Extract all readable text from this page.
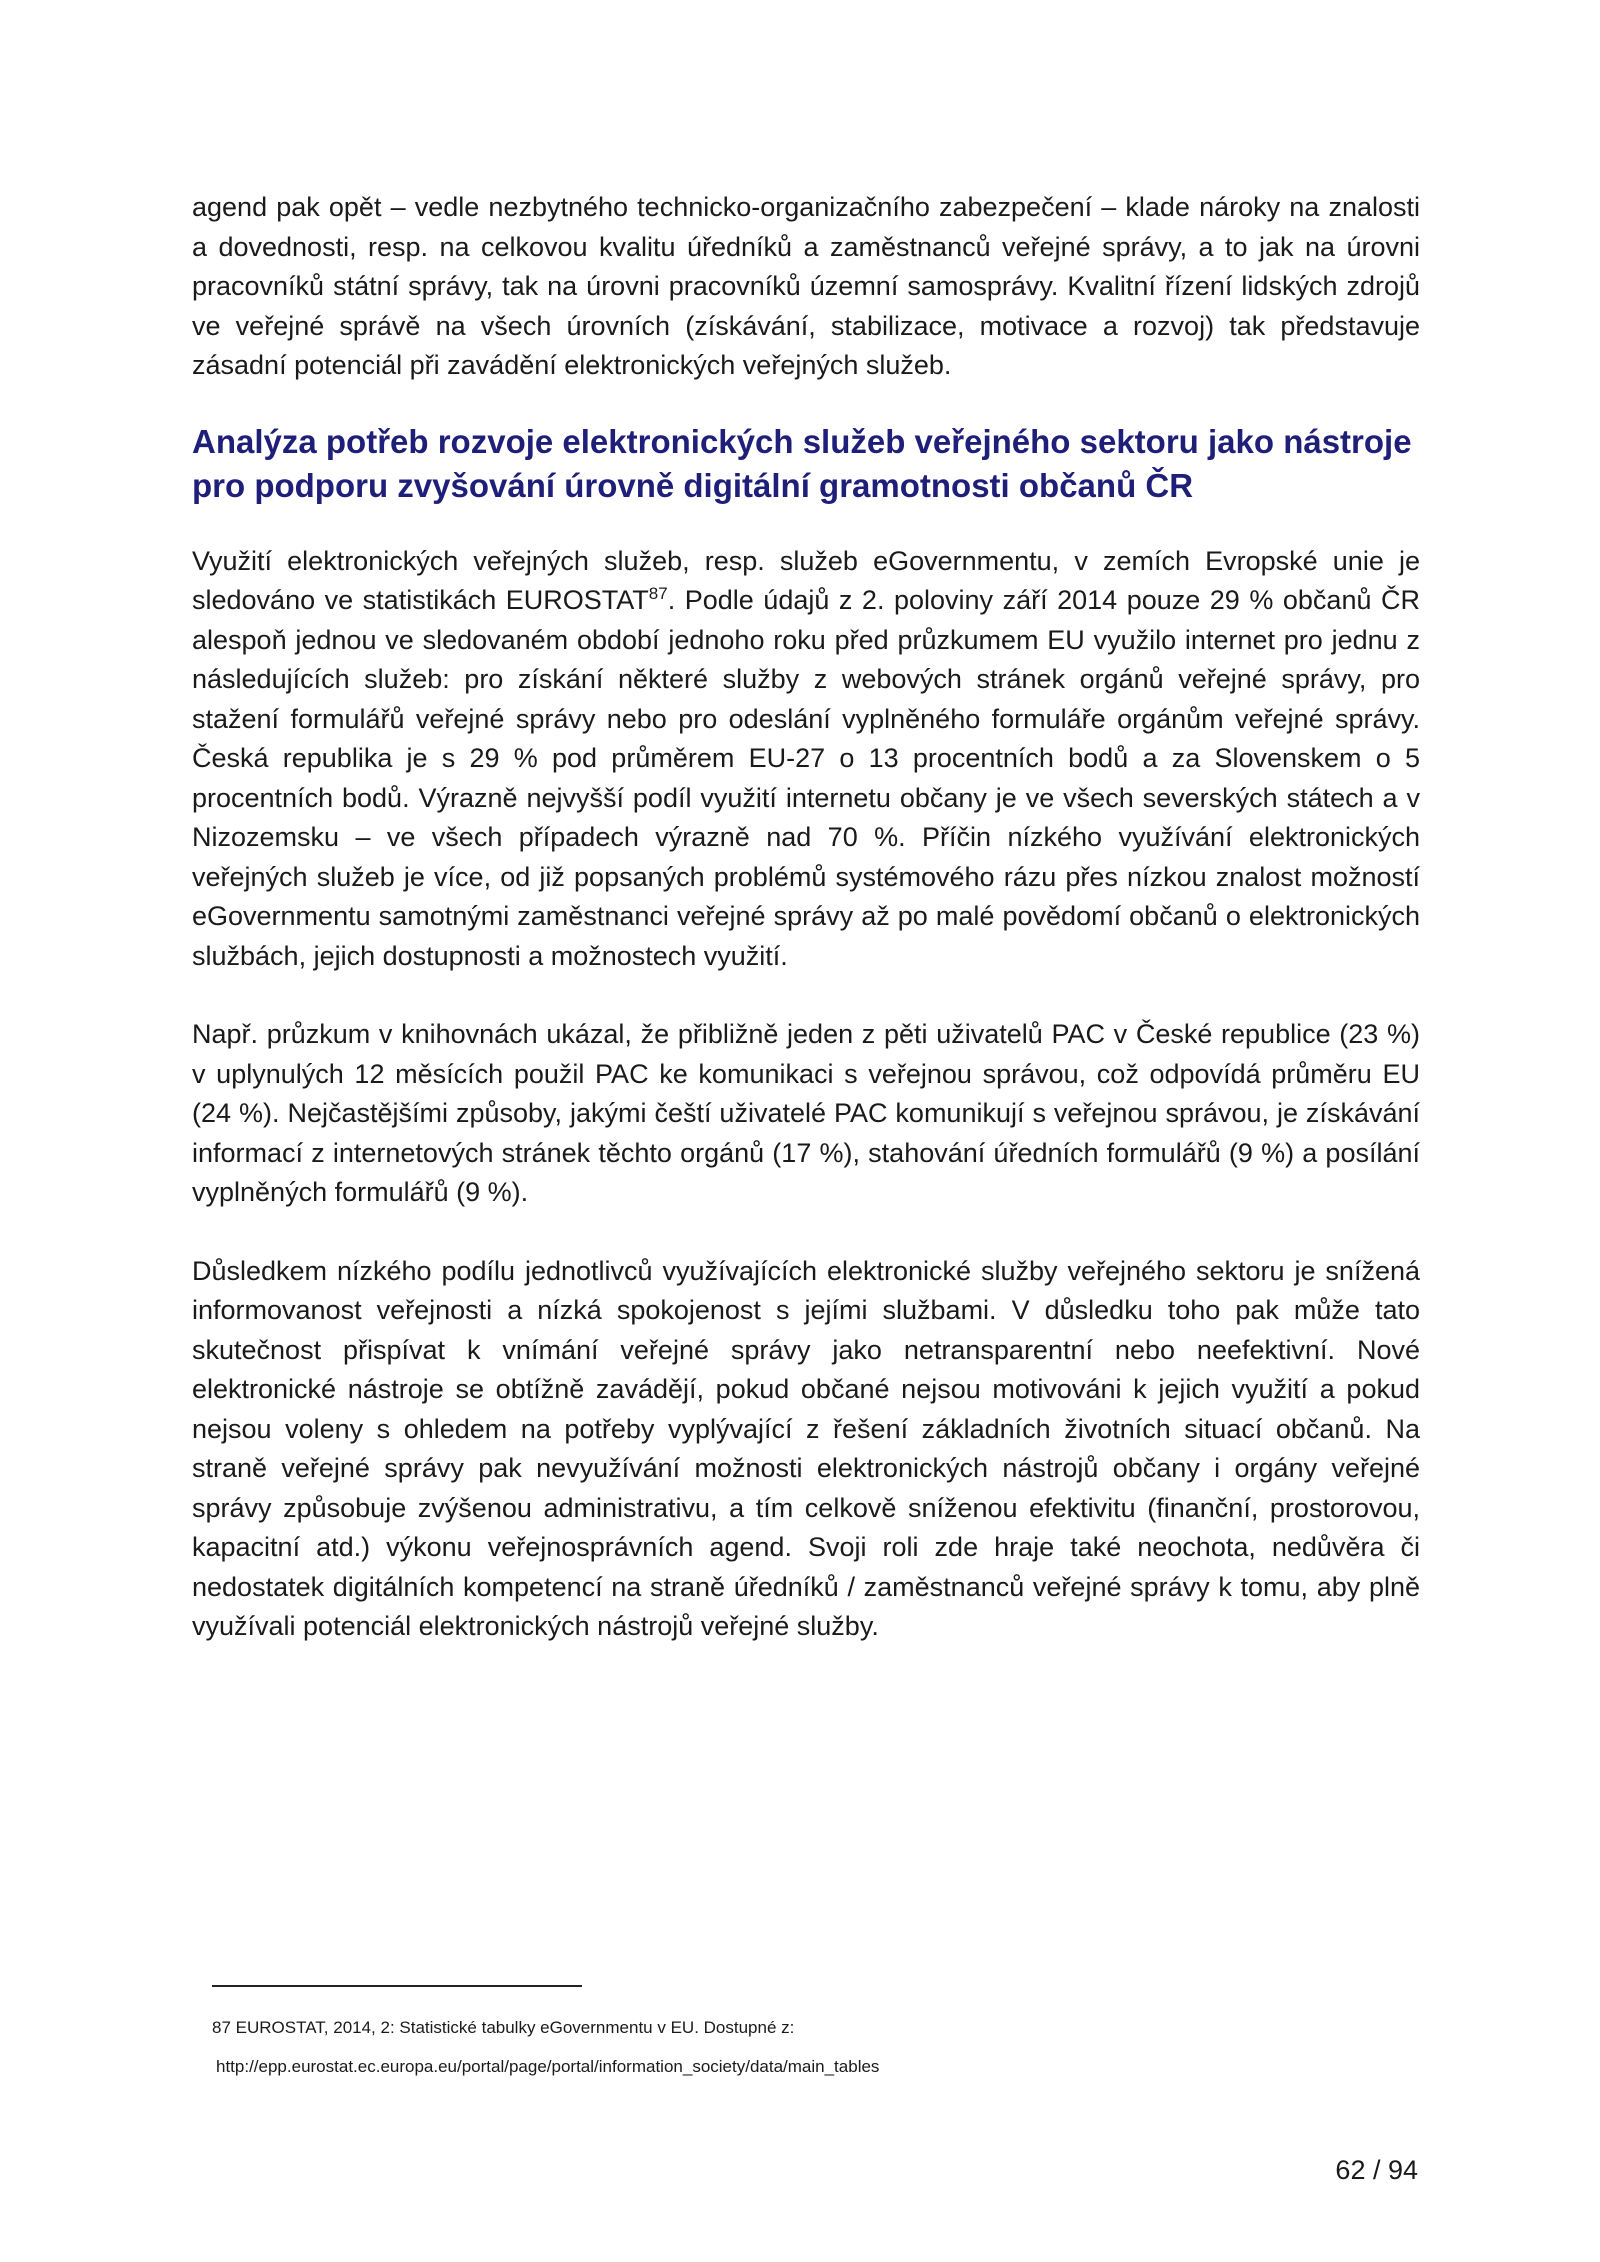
agend pak opět – vedle nezbytného technicko-organizačního zabezpečení – klade nároky na znalosti a dovednosti, resp. na celkovou kvalitu úředníků a zaměstnanců veřejné správy, a to jak na úrovni pracovníků státní správy, tak na úrovni pracovníků územní samosprávy. Kvalitní řízení lidských zdrojů ve veřejné správě na všech úrovních (získávání, stabilizace, motivace a rozvoj) tak představuje zásadní potenciál při zavádění elektronických veřejných služeb.

Analýza potřeb rozvoje elektronických služeb veřejného sektoru jako nástroje pro podporu zvyšování úrovně digitální gramotnosti občanů ČR

Využití elektronických veřejných služeb, resp. služeb eGovernmentu, v zemích Evropské unie je sledováno ve statistikách EUROSTAT$^{87}$. Podle údajů z 2. poloviny září 2014 pouze 29 % občanů ČR alespoň jednou ve sledovaném období jednoho roku před průzkumem EU využilo internet pro jednu z následujících služeb: pro získání některé služby z webových stránek orgánů veřejné správy, pro stažení formulářů veřejné správy nebo pro odeslání vyplněného formuláře orgánům veřejné správy. Česká republika je s 29 % pod průměrem EU-27 o 13 procentních bodů a za Slovenskem o 5 procentních bodů. Výrazně nejvyšší podíl využití internetu občany je ve všech severských státech a v Nizozemsku – ve všech případech výrazně nad 70 %. Příčin nízkého využívání elektronických veřejných služeb je více, od již popsaných problémů systémového rázu přes nízkou znalost možností eGovernmentu samotnými zaměstnanci veřejné správy až po malé povědomí občanů o elektronických službách, jejich dostupnosti a možnostech využití.

Např. průzkum v knihovnách ukázal, že přibližně jeden z pěti uživatelů PAC v České republice (23 %) v uplynulých 12 měsících použil PAC ke komunikaci s veřejnou správou, což odpovídá průměru EU (24 %). Nejčastějšími způsoby, jakými čeští uživatelé PAC komunikují s veřejnou správou, je získávání informací z internetových stránek těchto orgánů (17 %), stahování úředních formulářů (9 %) a posílání vyplněných formulářů (9 %).

Důsledkem nízkého podílu jednotlivců využívajících elektronické služby veřejného sektoru je snížená informovanost veřejnosti a nízká spokojenost s jejími službami. V důsledku toho pak může tato skutečnost přispívat k vnímání veřejné správy jako netransparentní nebo neefektivní. Nové elektronické nástroje se obtížně zavádějí, pokud občané nejsou motivováni k jejich využití a pokud nejsou voleny s ohledem na potřeby vyplývající z řešení základních životních situací občanů. Na straně veřejné správy pak nevyužívání možnosti elektronických nástrojů občany i orgány veřejné správy způsobuje zvýšenou administrativu, a tím celkově sníženou efektivitu (finanční, prostorovou, kapacitní atd.) výkonu veřejnosprávních agend. Svoji roli zde hraje také neochota, nedůvěra či nedostatek digitálních kompetencí na straně úředníků / zaměstnanců veřejné správy k tomu, aby plně využívali potenciál elektronických nástrojů veřejné služby.

87 EUROSTAT, 2014, 2: Statistické tabulky eGovernmentu v EU. Dostupné z:
http://epp.eurostat.ec.europa.eu/portal/page/portal/information_society/data/main_tables
62 / 94
